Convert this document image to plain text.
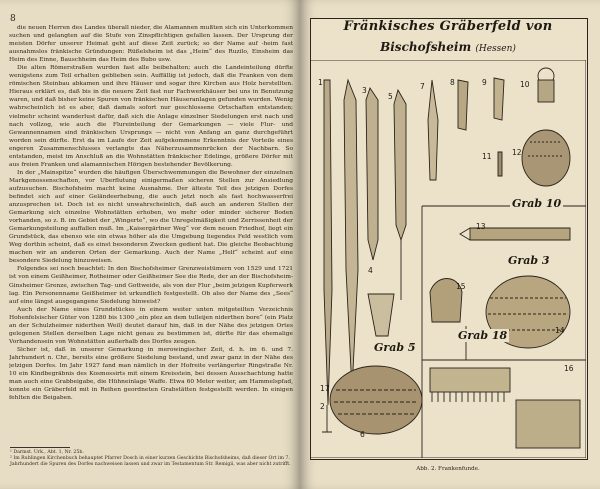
8

die neuen Herren des Landes überall nieder, die Alamannen mußten sich ein Unterkommen suchen und gelangten auf die Stufe von Zinspflichtigen gefallen lassen. Der Ursprung der meisten Dörfer unserer Heimat geht auf diese Zeit zurück; so der Name auf -heim fast ausnahmslos fränkische Gründungen: Rüßelsheim ist das „Heim“ des Ruzilo, Einsheim das Heim des Einne, Bauschheim das Heim des Bubo usw.

Die alten Römerstraßen wurden fast alle beibehalten; auch die Landeinteilung dürfte wenigstens zum Teil erhalten geblieben sein. Auffällig ist jedoch, daß die Franken von dem römischen Steinbau abkamen und ihre Häuser und sogar ihre Kirchen aus Holz herstellten. Hieraus erklärt es, daß bis in die neuere Zeit fast nur Fachwerkhäuser bei uns in Benutzung waren, und daß bisher keine Spuren von fränkischen Häuseranlagen gefunden wurden. Wenig wahrscheinlich ist es aber, daß damals sofort nur geschlossene Ortschaften entstanden; vielmehr scheint wanderlust dafür, daß sich die Anlage einzelner Siedelungen erst nach und nach vollzog, wie auch die Flureinteilung der Gemarkungen — viele Flur- und Gewannennamen sind fränkischen Ursprungs — nicht von Anfang an ganz durchgeführt worden sein dürfte. Erst da im Laufe der Zeit aufgekommene Erkenntnis der Vorteile eines engeren Zusammenschlusses verlangte das Näherzusammenrücken der Nachbarn. So entstanden, meist im Anschluß an die Wohnstätten fränkischer Edelinge, größere Dörfer mit aus freien Franken und alamannischen Hörigen bestehender Bevölkerung.

In der „Mainspitze“ wurden die häufigen Überschwemmungen die Bewohner der einzelnen Markgenossenschaften, vor Uberflutung einigermaßen sicheren Stellen zur Ansiedlung aufzusuchen. Bischofsheim macht keine Ausnahme. Der älteste Teil des jetzigen Dorfes befindet sich auf einer Geländeerhebung, die auch jetzt noch als fast hochwasserfrei anzusprechen ist. Doch ist es nicht unwahrscheinlich, daß auch an anderen Stellen der Gemarkung sich einzelne Wohnstätten erhoben, wo mehr oder minder sicherer Boden vorhanden, so z. B. im Gebiet der „Wingerte“, wo die Unregelmäßigkeit und Zerrissenheit der Gemarkungsteilung auffallen muß. Im „Kaisergärtner Weg“ vor dem neuen Friedhof, liegt ein Grundstück, das ebenso wie ein etwas höher als die Umgebung liegendes Feld westlich vom Weg dorthin scheint, daß es einst besonderen Zwecken gedient hat. Die gleiche Beobachtung machen wir an anderen Orten der Gemarkung. Auch der Name „Helf“ scheint auf eine besondere Siedelung hinzuweisen.

Folgendes sei noch beachtet: In den Bischofsheimer Grenzweistümern von 1529 und 1721 ist von einem Geißheimer, Rotheimer oder Geißheimer See die Rede, der an der Bischofsheim-Ginsheimer Grenze, zwischen Tag- und Gottweide, als von der Flur „beim jetzigen Kupferwerk lag. Ein Personenname Geißheimer ist urkundlich festgestellt. Ob also der Name des „Sees“ auf eine längst ausgegangene Siedelung hinweist?

Auch der Name eines Grundstückes in einem weiter unten mitgeteilten Verzeichnis Hohenfelsischer Güter von 1280 bis 1300 „ein plez an dem tulleijen niderthen bore“ (ein Platz an der Schulzheimer niderthen Weil) deutet darauf hin, daß in der Nähe des jetzigen Ortes gelegenen Stellen derselben Lage nicht genau zu bestimmen ist, dürfte für das ehemalige Vorhandensein von Wohnstätten außerhalb des Dorfes zeugen.

Sicher ist, daß in unserer Gemarkung in merowingischer Zeit, d. h. im 6. und 7. Jahrhundert n. Chr., bereits eine größere Siedelung bestand, und zwar ganz in der Nähe des jetzigen Dorfes. Im Jahr 1927 fand man nämlich in der Hofreite verlängerter Ringstraße Nr. 10 ein Kindbegräbnis des Kosmossirts mit einem Kreisstein, bei dessen Ausschachtung hatte man auch eine Grabbeigabe, die Hühneinlage Waffe. Etwa 60 Meter weiter, am Hammelspfad, konnte ein Gräberfeld mit in Reihen geordneten Grabstätten festgestellt werden. In einigen fehlten die Beigaben.

¹ Darmst. Urk., Abt. 1, Nr. 25b.
² Im Ruhlingen Kirchenbuch behauptet Pfarrer Dosch in einer kurzen Geschichte Bischofsheims, daß dieser Ort im 7. Jahrhundert die Spuren des Dorfes nachweisen lassen und zwar im Testamentum Str. Remigii, was aber nicht zutrifft.
Fränkisches Gräberfeld von
Bischofsheim (Hessen)
Grab 10
Grab 3
Grab 18
Grab 5
1
2
3
4
5
6
7	8	9	10
11	12
13
14
15
16
17
Abb. 2. Frankenfunde.
